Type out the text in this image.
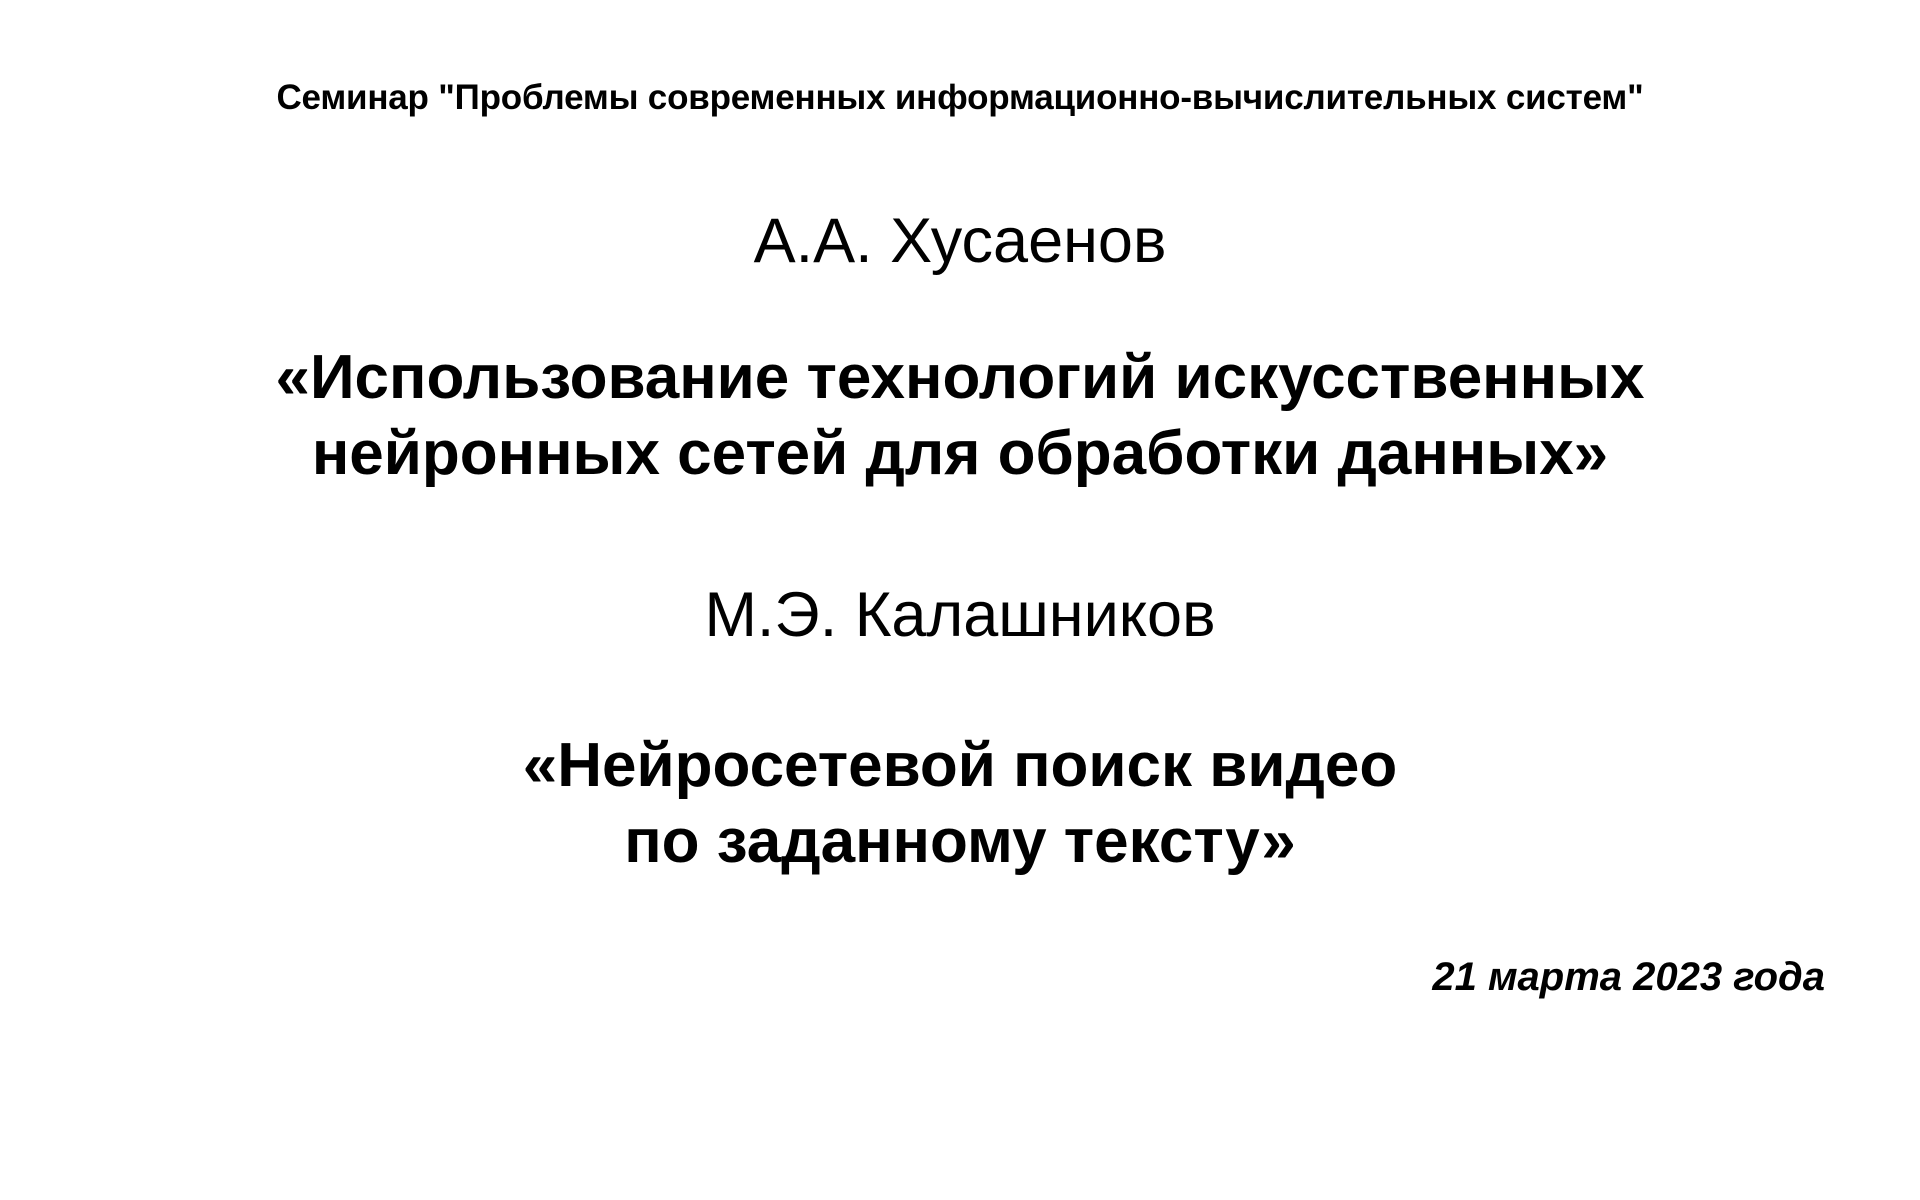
Семинар "Проблемы современных информационно-вычислительных систем"
А.А. Хусаенов
«Использование технологий искусственных
нейронных сетей для обработки данных»
М.Э. Калашников
«Нейросетевой поиск видео
по заданному тексту»
21 марта 2023 года
